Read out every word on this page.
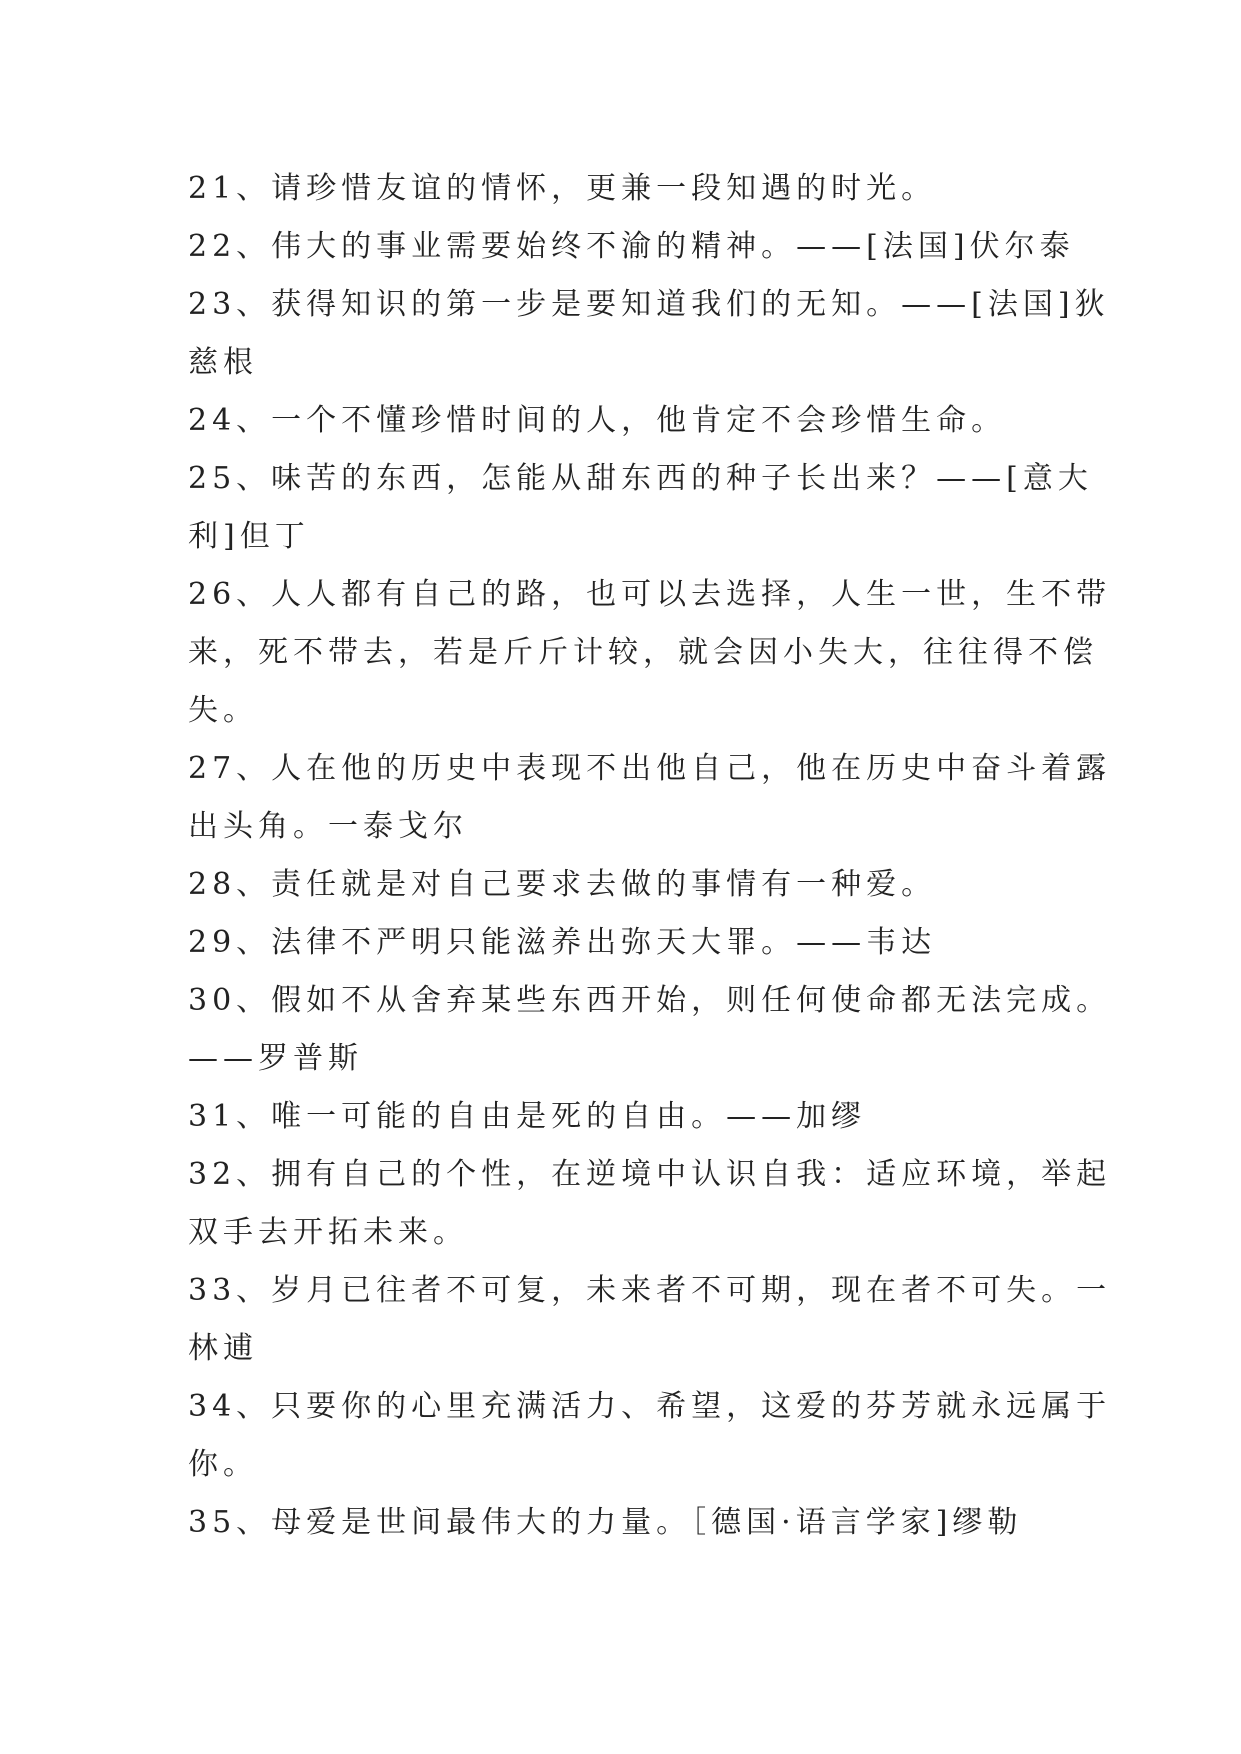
21、请珍惜友谊的情怀，更兼一段知遇的时光。
22、伟大的事业需要始终不渝的精神。——[法国]伏尔泰
23、获得知识的第一步是要知道我们的无知。——[法国]狄
慈根
24、一个不懂珍惜时间的人，他肯定不会珍惜生命。
25、味苦的东西，怎能从甜东西的种子长出来？——[意大
利]但丁
26、人人都有自己的路，也可以去选择，人生一世，生不带
来，死不带去，若是斤斤计较，就会因小失大，往往得不偿
失。
27、人在他的历史中表现不出他自己，他在历史中奋斗着露
出头角。一泰戈尔
28、责任就是对自己要求去做的事情有一种爱。
29、法律不严明只能滋养出弥天大罪。——韦达
30、假如不从舍弃某些东西开始，则任何使命都无法完成。
——罗普斯
31、唯一可能的自由是死的自由。——加缪
32、拥有自己的个性，在逆境中认识自我：适应环境，举起
双手去开拓未来。
33、岁月已往者不可复，未来者不可期，现在者不可失。一
林逋
34、只要你的心里充满活力、希望，这爱的芬芳就永远属于
你。
35、母爱是世间最伟大的力量。［德国·语言学家]缪勒
